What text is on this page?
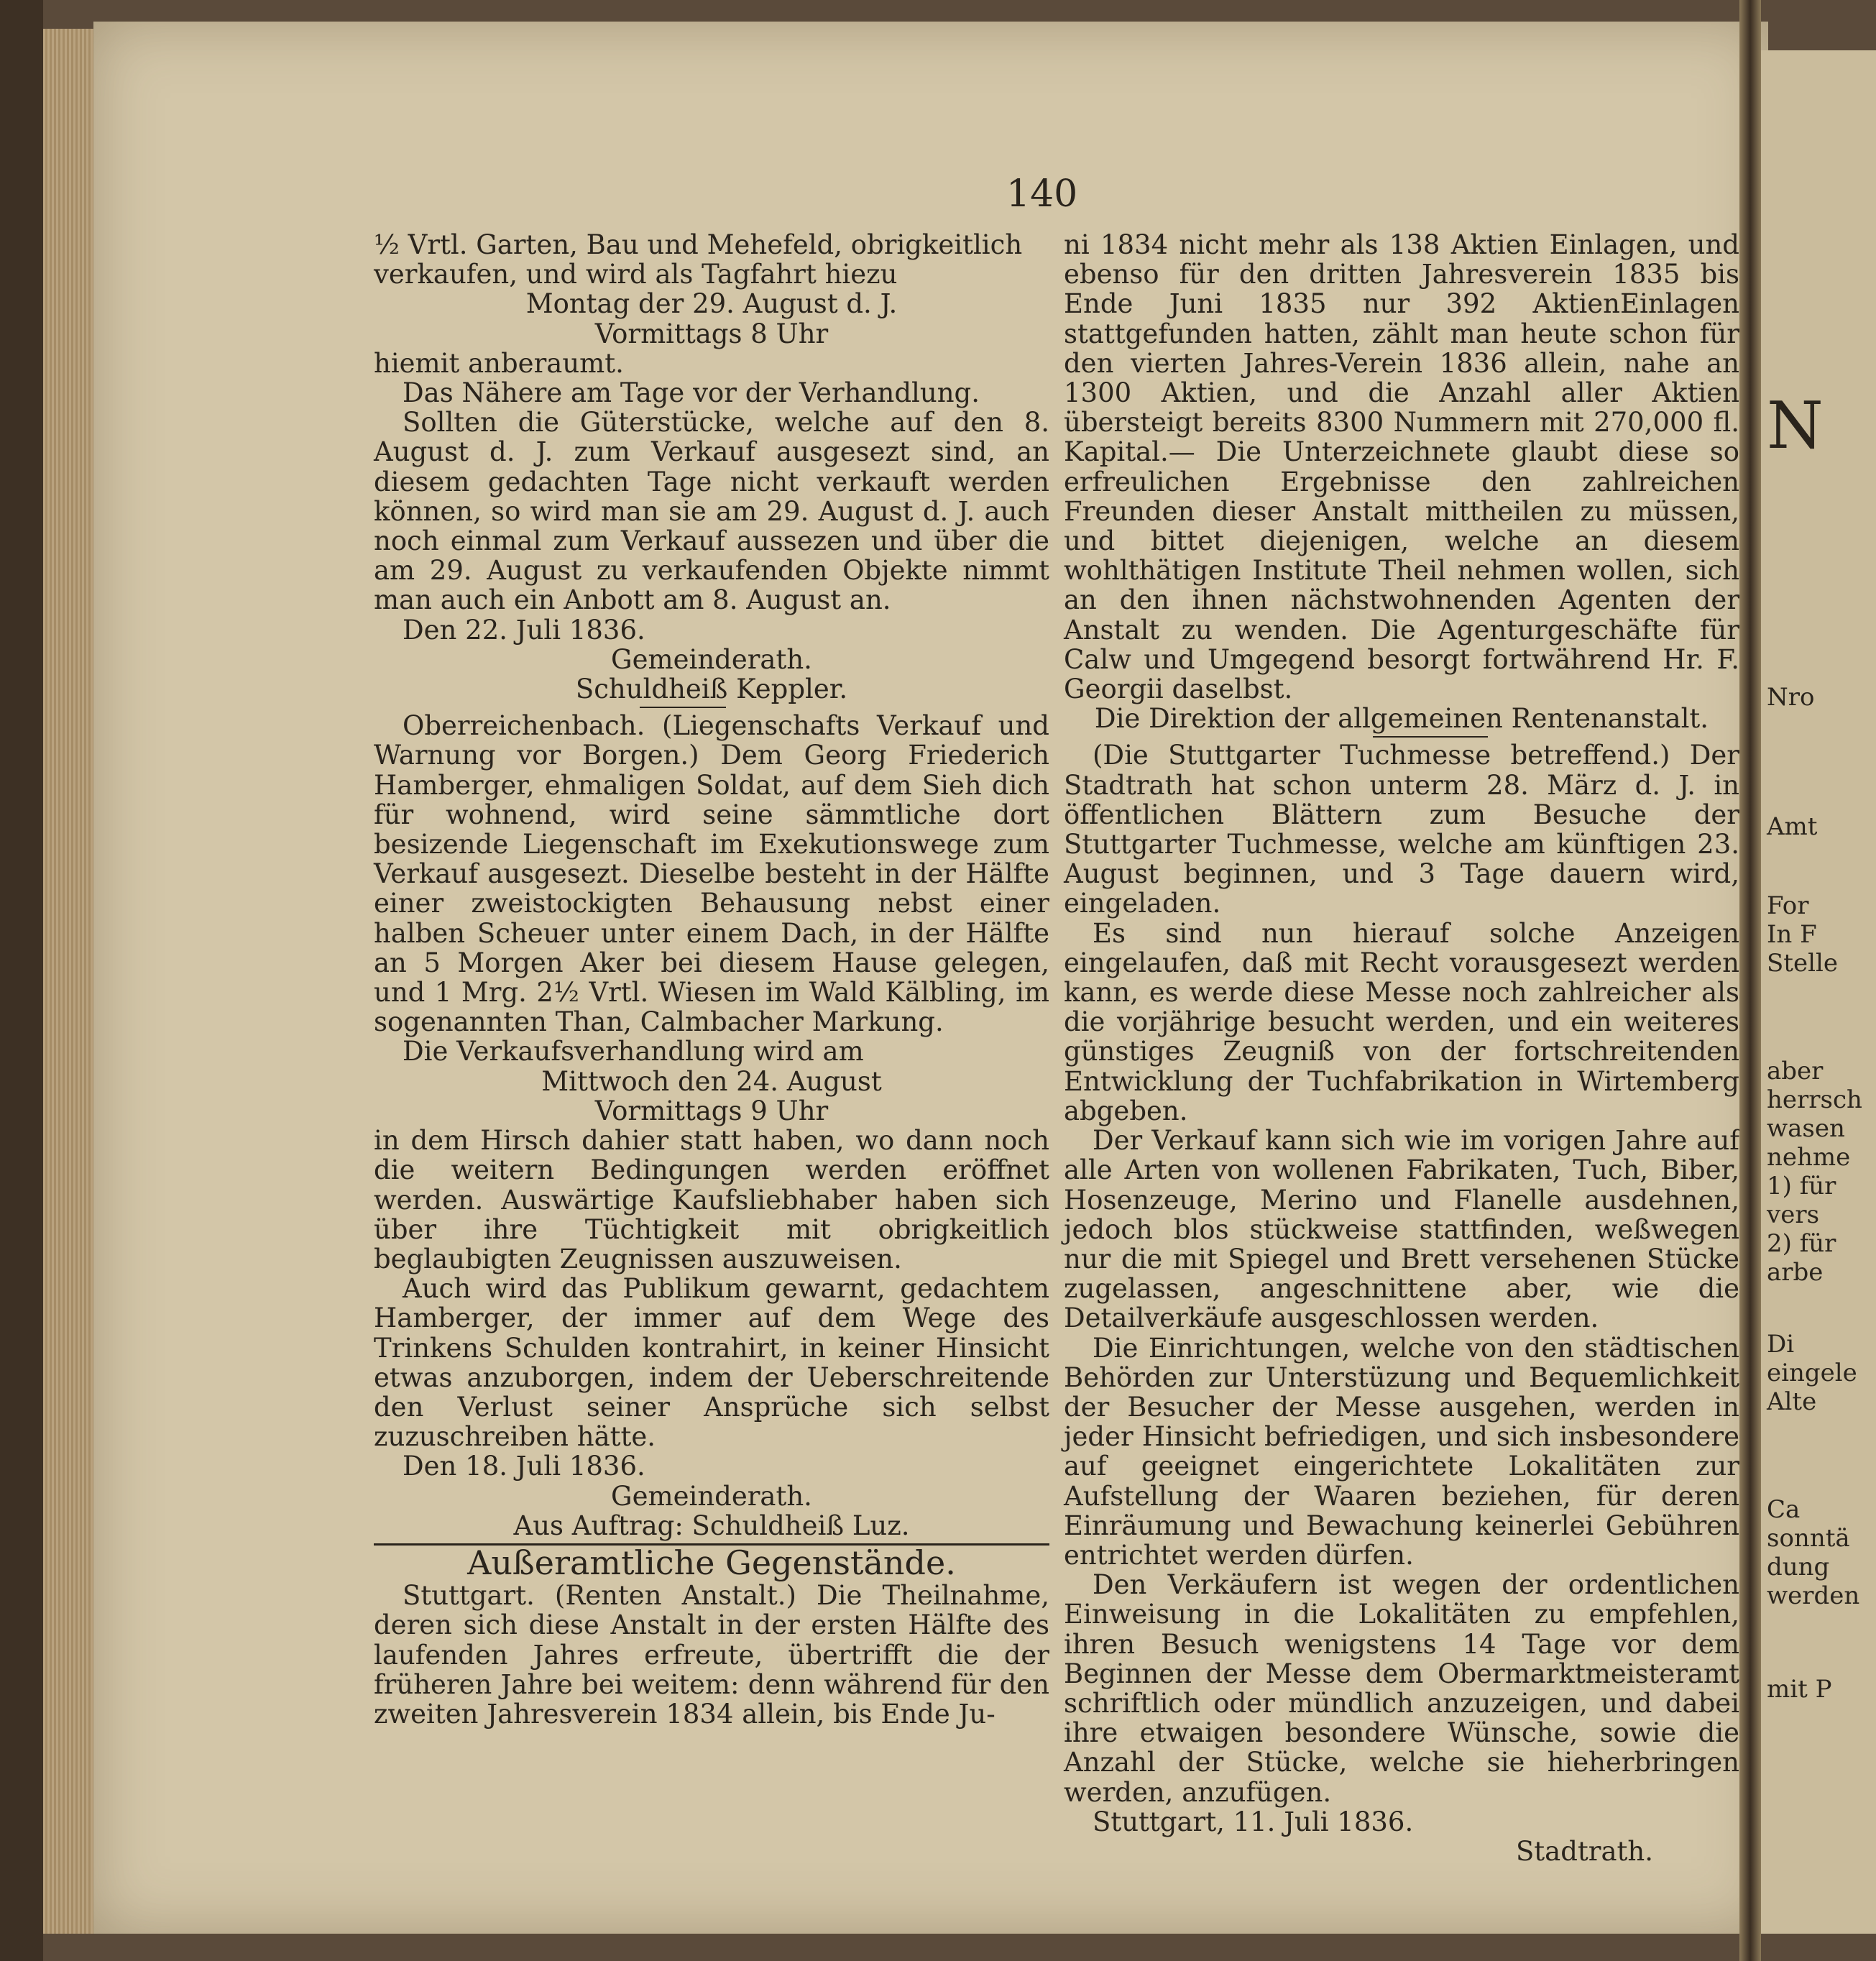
140

½ Vrtl. Garten, Bau und Mehefeld, obrigkeitlich

verkaufen, und wird als Tagfahrt hiezu

Montag der 29. August d. J.

Vormittags 8 Uhr

hiemit anberaumt.

Das Nähere am Tage vor der Verhandlung.

Sollten die Güterstücke, welche auf den 8. August d. J. zum Verkauf ausgesezt sind, an diesem gedachten Tage nicht verkauft werden können, so wird man sie am 29. August d. J. auch noch einmal zum Verkauf aussezen und über die am 29. August zu verkaufenden Objekte nimmt man auch ein Anbott am 8. August an.

Den 22. Juli 1836.

Gemeinderath.

Schuldheiß Keppler.

Oberreichenbach. (Liegenschafts Verkauf und Warnung vor Borgen.) Dem Georg Friederich Hamberger, ehmaligen Soldat, auf dem Sieh dich für wohnend, wird seine sämmtliche dort besizende Liegenschaft im Exekutionswege zum Verkauf ausgesezt. Dieselbe besteht in der Hälfte einer zweistockigten Behausung nebst einer halben Scheuer unter einem Dach, in der Hälfte an 5 Morgen Aker bei diesem Hause gelegen, und 1 Mrg. 2½ Vrtl. Wiesen im Wald Kälbling, im sogenannten Than, Calmbacher Markung.

Die Verkaufsverhandlung wird am

Mittwoch den 24. August

Vormittags 9 Uhr

in dem Hirsch dahier statt haben, wo dann noch die weitern Bedingungen werden eröffnet werden. Auswärtige Kaufsliebhaber haben sich über ihre Tüchtigkeit mit obrigkeitlich beglaubigten Zeugnissen auszuweisen.

Auch wird das Publikum gewarnt, gedachtem Hamberger, der immer auf dem Wege des Trinkens Schulden kontrahirt, in keiner Hinsicht etwas anzuborgen, indem der Ueberschreitende den Verlust seiner Ansprüche sich selbst zuzuschreiben hätte.

Den 18. Juli 1836.

Gemeinderath.

Aus Auftrag: Schuldheiß Luz.

Außeramtliche Gegenstände.

Stuttgart. (Renten Anstalt.) Die Theilnahme, deren sich diese Anstalt in der ersten Hälfte des laufenden Jahres erfreute, übertrifft die der früheren Jahre bei weitem: denn während für den zweiten Jahresverein 1834 allein, bis Ende Ju-

ni 1834 nicht mehr als 138 Aktien Einlagen, und ebenso für den dritten Jahresverein 1835 bis Ende Juni 1835 nur 392 AktienEinlagen stattgefunden hatten, zählt man heute schon für den vierten Jahres-Verein 1836 allein, nahe an 1300 Aktien, und die Anzahl aller Aktien übersteigt bereits 8300 Nummern mit 270,000 fl. Kapital.— Die Unterzeichnete glaubt diese so erfreulichen Ergebnisse den zahlreichen Freunden dieser Anstalt mittheilen zu müssen, und bittet diejenigen, welche an diesem wohlthätigen Institute Theil nehmen wollen, sich an den ihnen nächstwohnenden Agenten der Anstalt zu wenden. Die Agenturgeschäfte für Calw und Umgegend besorgt fortwährend Hr. F. Georgii daselbst.

Die Direktion der allgemeinen Rentenanstalt.

(Die Stuttgarter Tuchmesse betreffend.) Der Stadtrath hat schon unterm 28. März d. J. in öffentlichen Blättern zum Besuche der Stuttgarter Tuchmesse, welche am künftigen 23. August beginnen, und 3 Tage dauern wird, eingeladen.

Es sind nun hierauf solche Anzeigen eingelaufen, daß mit Recht vorausgesezt werden kann, es werde diese Messe noch zahlreicher als die vorjährige besucht werden, und ein weiteres günstiges Zeugniß von der fortschreitenden Entwicklung der Tuchfabrikation in Wirtemberg abgeben.

Der Verkauf kann sich wie im vorigen Jahre auf alle Arten von wollenen Fabrikaten, Tuch, Biber, Hosenzeuge, Merino und Flanelle ausdehnen, jedoch blos stückweise stattfinden, weßwegen nur die mit Spiegel und Brett versehenen Stücke zugelassen, angeschnittene aber, wie die Detailverkäufe ausgeschlossen werden.

Die Einrichtungen, welche von den städtischen Behörden zur Unterstüzung und Bequemlichkeit der Besucher der Messe ausgehen, werden in jeder Hinsicht befriedigen, und sich insbesondere auf geeignet eingerichtete Lokalitäten zur Aufstellung der Waaren beziehen, für deren Einräumung und Bewachung keinerlei Gebühren entrichtet werden dürfen.

Den Verkäufern ist wegen der ordentlichen Einweisung in die Lokalitäten zu empfehlen, ihren Besuch wenigstens 14 Tage vor dem Beginnen der Messe dem Obermarktmeisteramt schriftlich oder mündlich anzuzeigen, und dabei ihre etwaigen besondere Wünsche, sowie die Anzahl der Stücke, welche sie hieherbringen werden, anzufügen.

Stuttgart, 11. Juli 1836.

Stadtrath.

N
Nro
Amt
For
In F
Stelle
aber
herrsch
wasen
nehme
1) für
vers
2) für
arbe
Di
eingele
Alte
Ca
sonntä
dung
werden
mit P
